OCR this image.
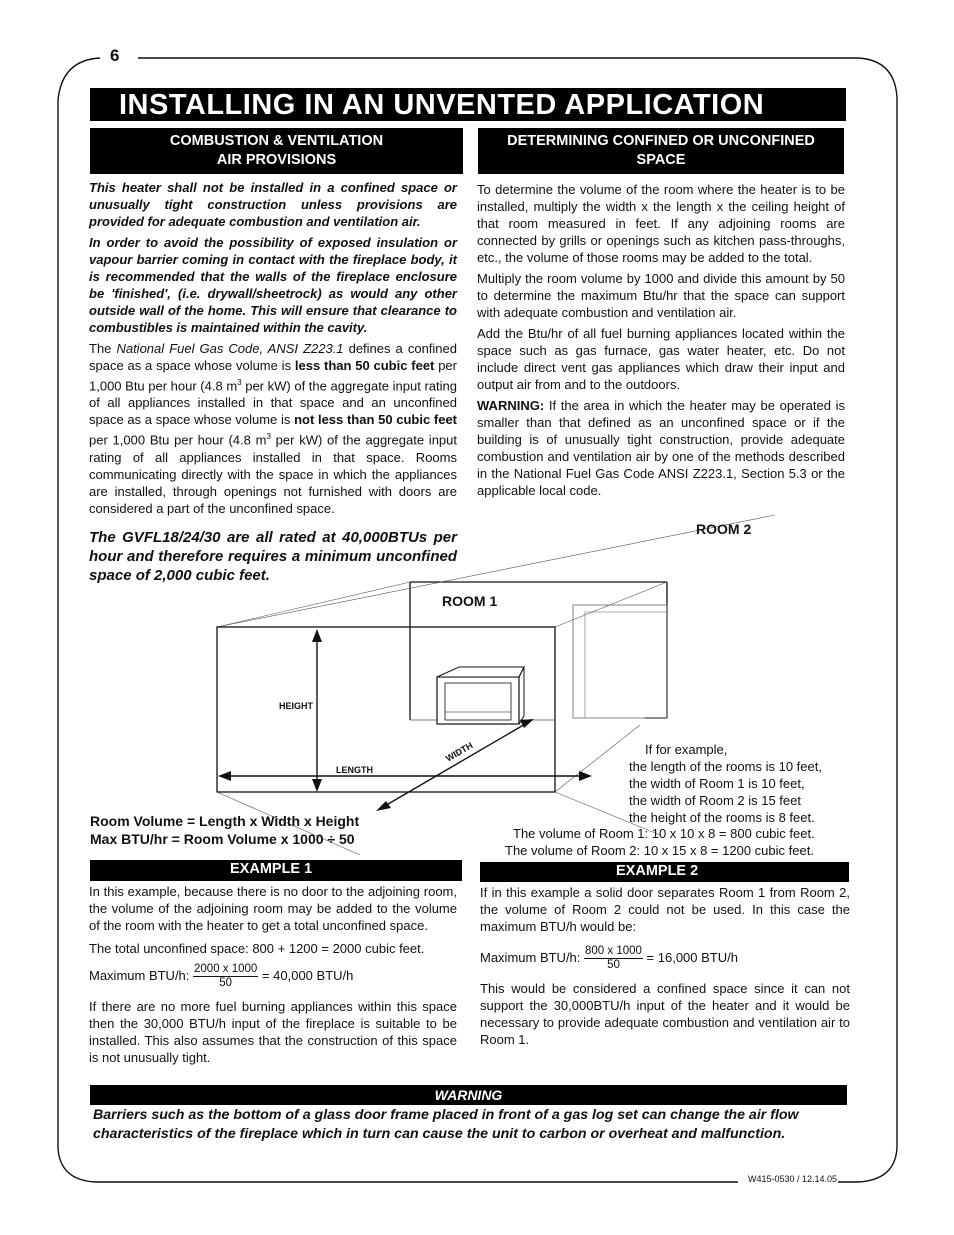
6
INSTALLING IN AN UNVENTED APPLICATION
COMBUSTION & VENTILATION
AIR PROVISIONS

This heater shall not be installed in a confined space or unusually tight construction unless provisions are provided for adequate combustion and ventilation air.

In order to avoid the possibility of exposed insulation or vapour barrier coming in contact with the fireplace body, it is recommended that the walls of the fireplace enclosure be 'finished', (i.e. drywall/sheetrock) as would any other outside wall of the home. This will ensure that clearance to combustibles is maintained within the cavity.

The National Fuel Gas Code, ANSI Z223.1 defines a confined space as a space whose volume is less than 50 cubic feet per 1,000 Btu per hour (4.8 $m^3$ per kW) of the aggregate input rating of all appliances installed in that space and an unconfined space as a space whose volume is not less than 50 cubic feet per 1,000 Btu per hour (4.8 $m^3$ per kW) of the aggregate input rating of all appliances installed in that space. Rooms communicating directly with the space in which the appliances are installed, through openings not furnished with doors are considered a part of the unconfined space.

The GVFL18/24/30 are all rated at 40,000BTUs per hour and therefore requires a minimum unconfined space of 2,000 cubic feet.
DETERMINING CONFINED OR UNCONFINED
SPACE

To determine the volume of the room where the heater is to be installed, multiply the width x the length x the ceiling height of that room measured in feet. If any adjoining rooms are connected by grills or openings such as kitchen pass-throughs, etc., the volume of those rooms may be added to the total.

Multiply the room volume by 1000 and divide this amount by 50 to determine the maximum Btu/hr that the space can support with adequate combustion and ventilation air.

Add the Btu/hr of all fuel burning appliances located within the space such as gas furnace, gas water heater, etc. Do not include direct vent gas appliances which draw their input and output air from and to the outdoors.

WARNING: If the area in which the heater may be operated is smaller than that defined as an unconfined space or if the building is of unusually tight construction, provide adequate combustion and ventilation air by one of the methods described in the National Fuel Gas Code ANSI Z223.1, Section 5.3 or the applicable local code.

ROOM 2
ROOM 1
HEIGHT
LENGTH
WIDTH	If for example,
the length of the rooms is 10 feet,
the width of Room 1 is 10 feet,
the width of Room 2 is 15 feet
the height of the rooms is 8 feet.
The volume of Room 1: 10 x 10 x 8 = 800 cubic feet.
The volume of Room 2: 10 x 15 x 8 = 1200 cubic feet.
Room Volume = Length x Width x Height
Max BTU/hr = Room Volume x 1000 ÷ 50
EXAMPLE 1

In this example, because there is no door to the adjoining room, the volume of the adjoining room may be added to the volume of the room with the heater to get a total unconfined space.

The total unconfined space: 800 + 1200 = 2000 cubic feet.

Maximum BTU/h: $\frac{2000 x 1000}{50} = 40,000$ BTU/h

If there are no more fuel burning appliances within this space then the 30,000 BTU/h input of the fireplace is suitable to be installed. This also assumes that the construction of this space is not unusually tight.

EXAMPLE 2

If in this example a solid door separates Room 1 from Room 2, the volume of Room 2 could not be used. In this case the maximum BTU/h would be:

Maximum BTU/h: $\frac{800 x 1000}{50} = 16,000$ BTU/h

This would be considered a confined space since it can not support the 30,000BTU/h input of the heater and it would be necessary to provide adequate combustion and ventilation air to Room 1.

WARNING
Barriers such as the bottom of a glass door frame placed in front of a gas log set can change the air flow characteristics of the fireplace which in turn can cause the unit to carbon or overheat and malfunction.
W415-0530 / 12.14.05
